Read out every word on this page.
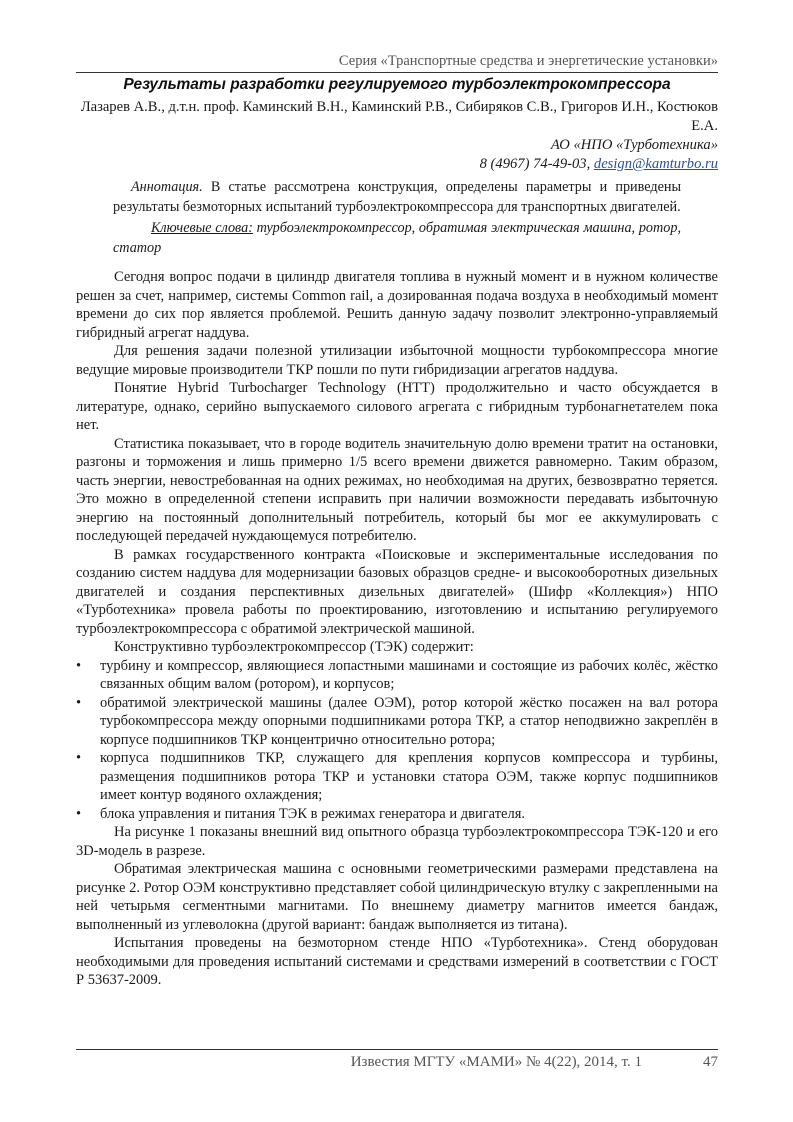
Серия «Транспортные средства и энергетические установки»
Результаты разработки регулируемого турбоэлектрокомпрессора
Лазарев А.В., д.т.н. проф. Каминский В.Н., Каминский Р.В., Сибиряков С.В., Григоров И.Н., Костюков Е.А.
АО «НПО «Турботехника»
8 (4967) 74-49-03, design@kamturbo.ru
Аннотация. В статье рассмотрена конструкция, определены параметры и приведены результаты безмоторных испытаний турбоэлектрокомпрессора для транспортных двигателей.
Ключевые слова: турбоэлектрокомпрессор, обратимая электрическая машина, ротор, статор

Сегодня вопрос подачи в цилиндр двигателя топлива в нужный момент и в нужном количестве решен за счет, например, системы Common rail, а дозированная подача воздуха в необходимый момент времени до сих пор является проблемой. Решить данную задачу позволит электронно-управляемый гибридный агрегат наддува.

Для решения задачи полезной утилизации избыточной мощности турбокомпрессора многие ведущие мировые производители ТКР пошли по пути гибридизации агрегатов наддува.

Понятие Hybrid Turbocharger Technology (HTT) продолжительно и часто обсуждается в литературе, однако, серийно выпускаемого силового агрегата с гибридным турбонагнетателем пока нет.

Статистика показывает, что в городе водитель значительную долю времени тратит на остановки, разгоны и торможения и лишь примерно 1/5 всего времени движется равномерно. Таким образом, часть энергии, невостребованная на одних режимах, но необходимая на других, безвозвратно теряется. Это можно в определенной степени исправить при наличии возможности передавать избыточную энергию на постоянный дополнительный потребитель, который бы мог ее аккумулировать с последующей передачей нуждающемуся потребителю.

В рамках государственного контракта «Поисковые и экспериментальные исследования по созданию систем наддува для модернизации базовых образцов средне- и высокооборотных дизельных двигателей и создания перспективных дизельных двигателей» (Шифр «Коллекция») НПО «Турботехника» провела работы по проектированию, изготовлению и испытанию регулируемого турбоэлектрокомпрессора с обратимой электрической машиной.

Конструктивно турбоэлектрокомпрессор (ТЭК) содержит:

• турбину и компрессор, являющиеся лопастными машинами и состоящие из рабочих колёс, жёстко связанных общим валом (ротором), и корпусов;
• обратимой электрической машины (далее ОЭМ), ротор которой жёстко посажен на вал ротора турбокомпрессора между опорными подшипниками ротора ТКР, а статор неподвижно закреплён в корпусе подшипников ТКР концентрично относительно ротора;
• корпуса подшипников ТКР, служащего для крепления корпусов компрессора и турбины, размещения подшипников ротора ТКР и установки статора ОЭМ, также корпус подшипников имеет контур водяного охлаждения;
• блока управления и питания ТЭК в режимах генератора и двигателя.

На рисунке 1 показаны внешний вид опытного образца турбоэлектрокомпрессора ТЭК-120 и его 3D-модель в разрезе.

Обратимая электрическая машина с основными геометрическими размерами представлена на рисунке 2. Ротор ОЭМ конструктивно представляет собой цилиндрическую втулку с закрепленными на ней четырьмя сегментными магнитами. По внешнему диаметру магнитов имеется бандаж, выполненный из углеволокна (другой вариант: бандаж выполняется из титана).

Испытания проведены на безмоторном стенде НПО «Турботехника». Стенд оборудован необходимыми для проведения испытаний системами и средствами измерений в соответствии с ГОСТ Р 53637-2009.

Известия МГТУ «МАМИ» № 4(22), 2014, т. 1	47
